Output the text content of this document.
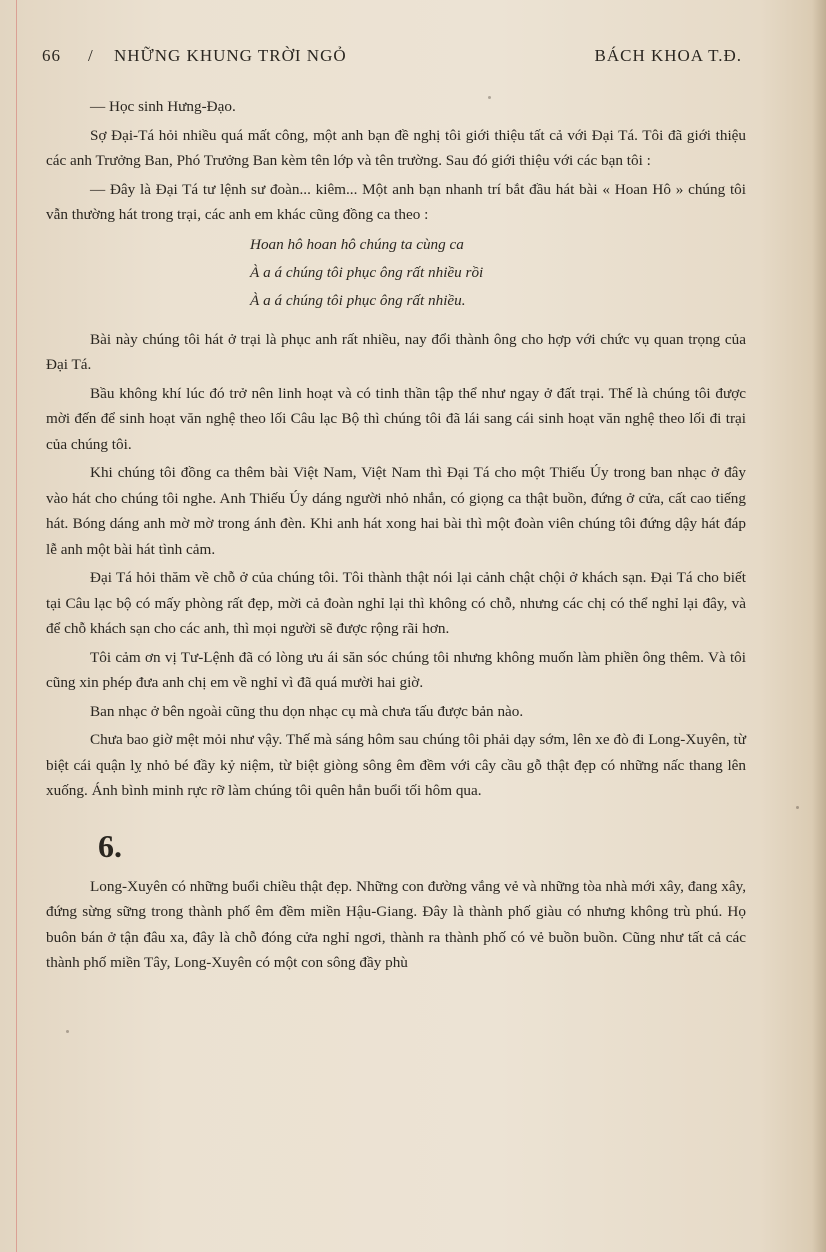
66 / NHỮNG KHUNG TRỜI NGỎ	BÁCH KHOA T.Đ.

— Học sinh Hưng-Đạo.

Sợ Đại-Tá hỏi nhiều quá mất công, một anh bạn đề nghị tôi giới thiệu tất cả với Đại Tá. Tôi đã giới thiệu các anh Trưởng Ban, Phó Trưởng Ban kèm tên lớp và tên trường. Sau đó giới thiệu với các bạn tôi :

— Đây là Đại Tá tư lệnh sư đoàn... kiêm... Một anh bạn nhanh trí bắt đầu hát bài « Hoan Hô » chúng tôi vẫn thường hát trong trại, các anh em khác cũng đồng ca theo :

Hoan hô hoan hô chúng ta cùng ca
À a á chúng tôi phục ông rất nhiều rồi
À a á chúng tôi phục ông rất nhiều.

Bài này chúng tôi hát ở trại là phục anh rất nhiều, nay đổi thành ông cho hợp với chức vụ quan trọng của Đại Tá.

Bầu không khí lúc đó trở nên linh hoạt và có tinh thần tập thể như ngay ở đất trại. Thế là chúng tôi được mời đến để sinh hoạt văn nghệ theo lối Câu lạc Bộ thì chúng tôi đã lái sang cái sinh hoạt văn nghệ theo lối đi trại của chúng tôi.

Khi chúng tôi đồng ca thêm bài Việt Nam, Việt Nam thì Đại Tá cho một Thiếu Úy trong ban nhạc ở đây vào hát cho chúng tôi nghe. Anh Thiếu Úy dáng người nhỏ nhắn, có giọng ca thật buồn, đứng ở cửa, cất cao tiếng hát. Bóng dáng anh mờ mờ trong ánh đèn. Khi anh hát xong hai bài thì một đoàn viên chúng tôi đứng dậy hát đáp lễ anh một bài hát tình cảm.

Đại Tá hỏi thăm về chỗ ở của chúng tôi. Tôi thành thật nói lại cảnh chật chội ở khách sạn. Đại Tá cho biết tại Câu lạc bộ có mấy phòng rất đẹp, mời cả đoàn nghỉ lại thì không có chỗ, nhưng các chị có thể nghỉ lại đây, và để chỗ khách sạn cho các anh, thì mọi người sẽ được rộng rãi hơn.

Tôi cảm ơn vị Tư-Lệnh đã có lòng ưu ái săn sóc chúng tôi nhưng không muốn làm phiền ông thêm. Và tôi cũng xin phép đưa anh chị em về nghỉ vì đã quá mười hai giờ.

Ban nhạc ở bên ngoài cũng thu dọn nhạc cụ mà chưa tấu được bản nào.

Chưa bao giờ mệt mỏi như vậy. Thế mà sáng hôm sau chúng tôi phải dạy sớm, lên xe đò đi Long-Xuyên, từ biệt cái quận lỵ nhỏ bé đầy kỷ niệm, từ biệt giòng sông êm đềm với cây cầu gỗ thật đẹp có những nấc thang lên xuống. Ánh bình minh rực rỡ làm chúng tôi quên hẳn buổi tối hôm qua.

6.

Long-Xuyên có những buổi chiều thật đẹp. Những con đường vắng vẻ và những tòa nhà mới xây, đang xây, đứng sừng sững trong thành phố êm đềm miền Hậu-Giang. Đây là thành phố giàu có nhưng không trù phú. Họ buôn bán ở tận đâu xa, đây là chỗ đóng cửa nghỉ ngơi, thành ra thành phố có vẻ buồn buồn. Cũng như tất cả các thành phố miền Tây, Long-Xuyên có một con sông đầy phù
